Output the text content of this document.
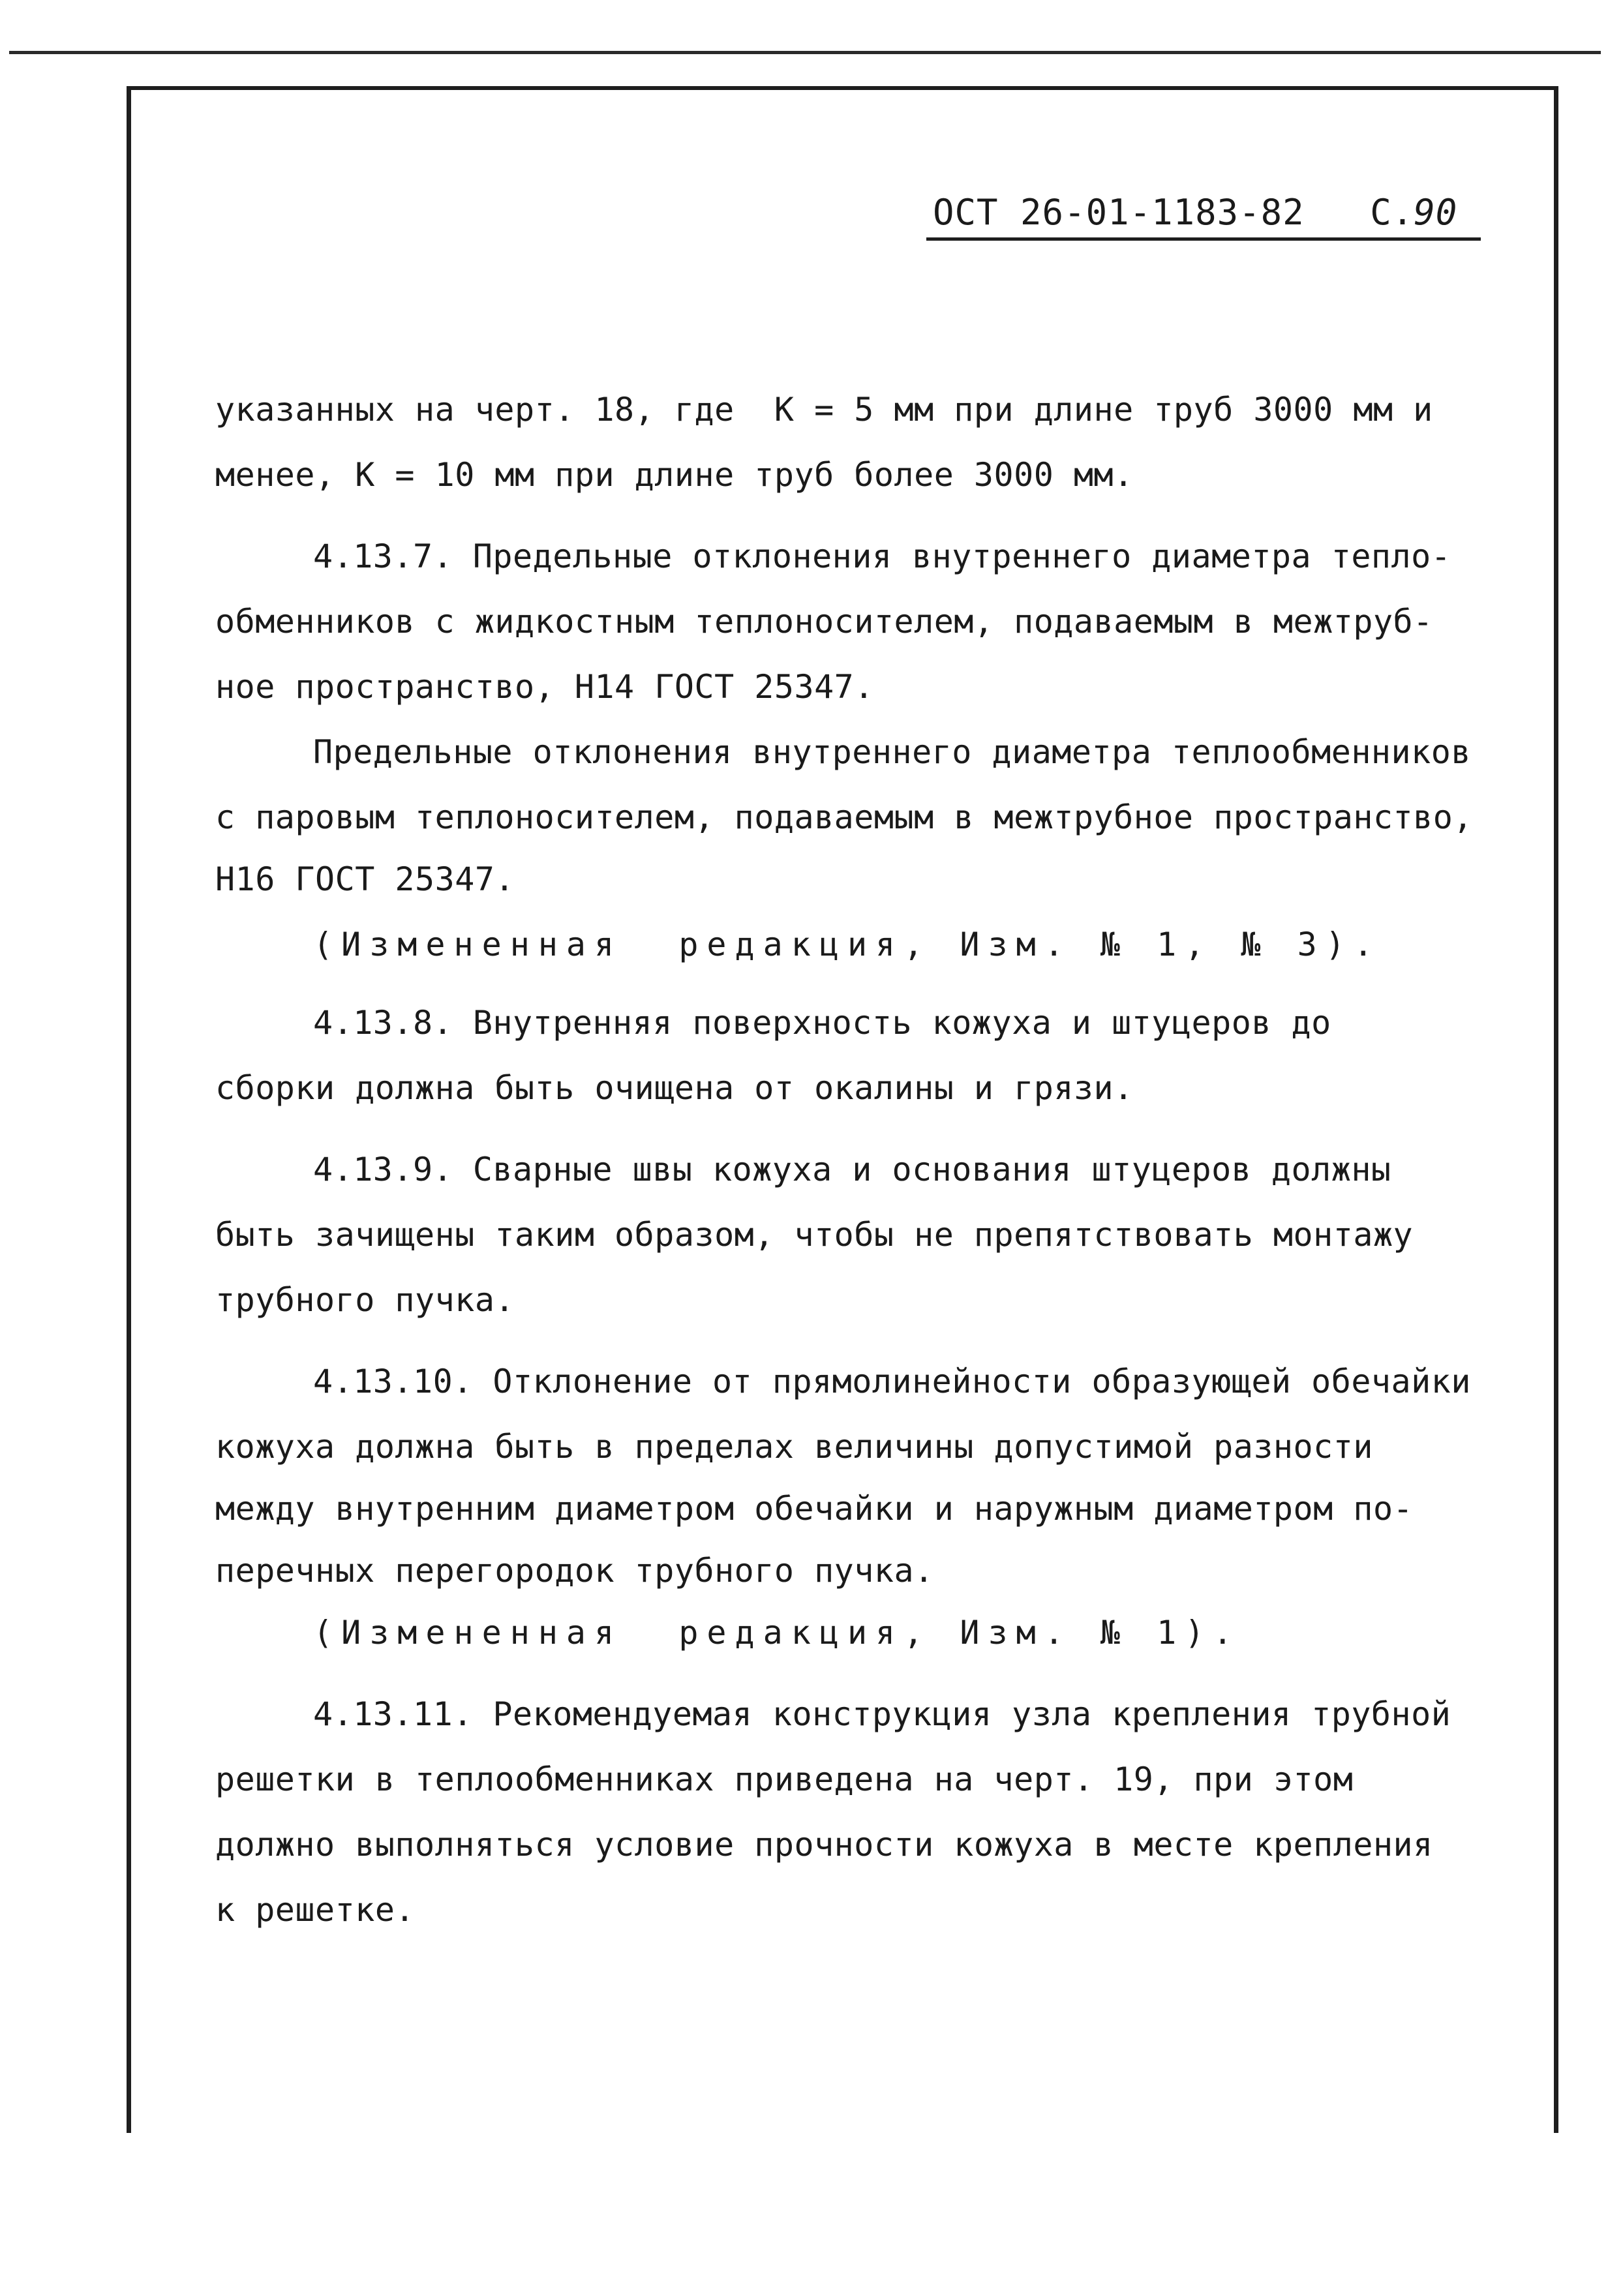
ОСТ 26-01-1183-82 С.90
указанных на черт. 18, где  К = 5 мм при длине труб 3000 мм и
менее, К = 10 мм при длине труб более 3000 мм.
4.13.7. Предельные отклонения внутреннего диаметра тепло-
обменников с жидкостным теплоносителем, подаваемым в межтруб-
ное пространство, Н14 ГОСТ 25347.
Предельные отклонения внутреннего диаметра теплообменников
с паровым теплоносителем, подаваемым в межтрубное пространство,
Н16 ГОСТ 25347.
(Измененная  редакция, Изм. № 1, № 3).
4.13.8. Внутренняя поверхность кожуха и штуцеров до
сборки должна быть очищена от окалины и грязи.
4.13.9. Сварные швы кожуха и основания штуцеров должны
быть зачищены таким образом, чтобы не препятствовать монтажу
трубного пучка.
4.13.10. Отклонение от прямолинейности образующей обечайки
кожуха должна быть в пределах величины допустимой разности
между внутренним диаметром обечайки и наружным диаметром по-
перечных перегородок трубного пучка.
(Измененная  редакция, Изм. № 1).
4.13.11. Рекомендуемая конструкция узла крепления трубной
решетки в теплообменниках приведена на черт. 19, при этом
должно выполняться условие прочности кожуха в месте крепления
к решетке.
